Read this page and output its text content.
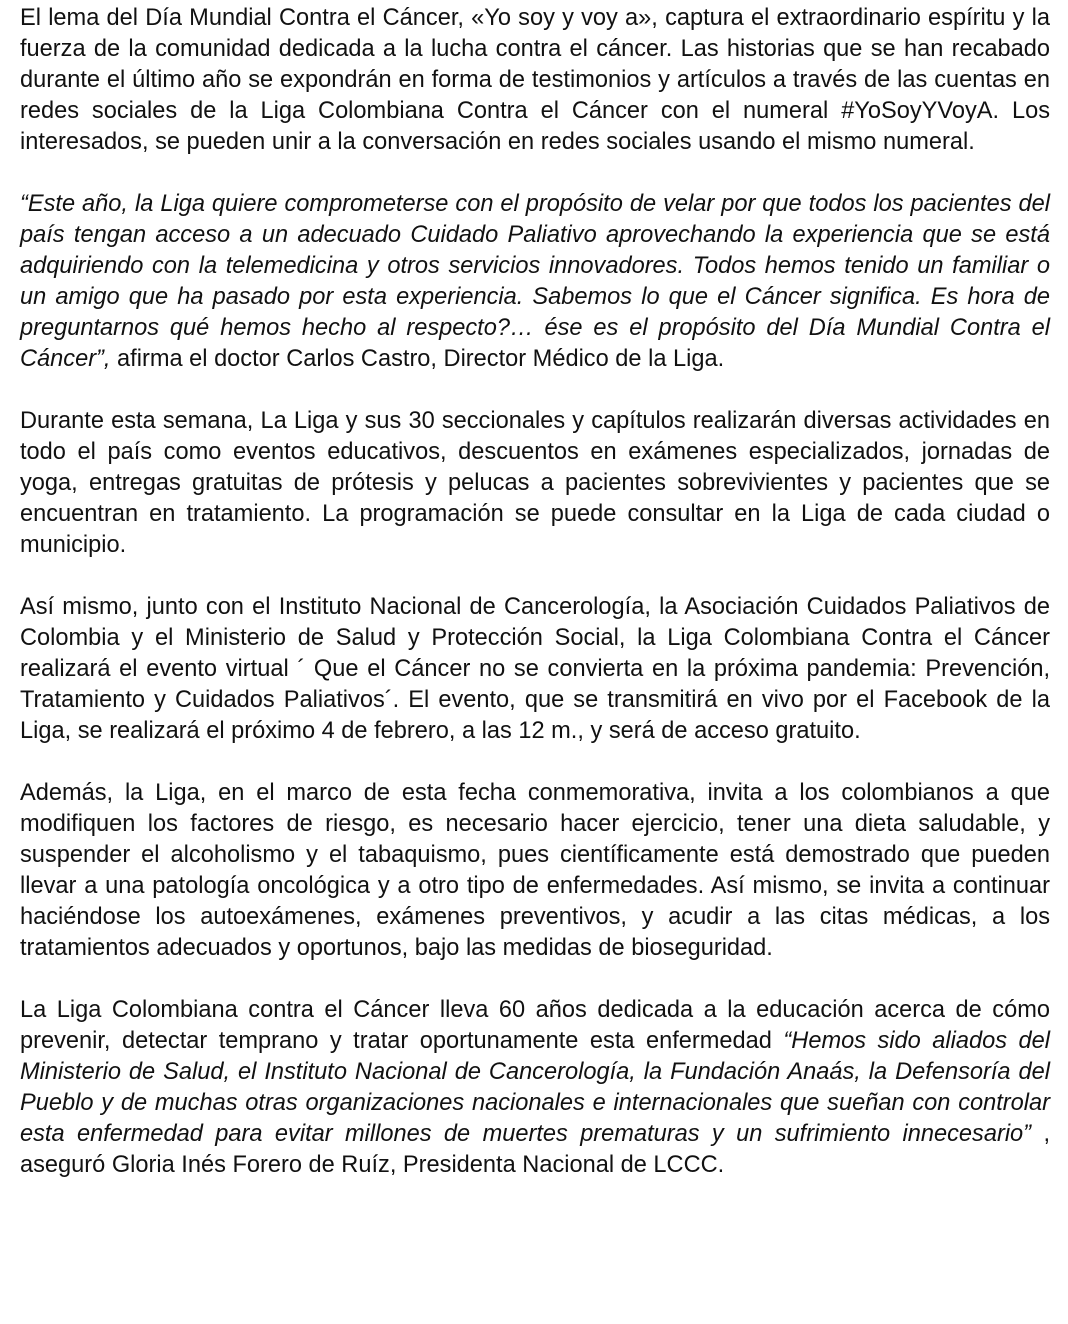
El lema del Día Mundial Contra el Cáncer, «Yo soy y voy a», captura el extraordinario espíritu y la fuerza de la comunidad dedicada a la lucha contra el cáncer. Las historias que se han recabado durante el último año se expondrán en forma de testimonios y artículos a través de las cuentas en redes sociales de la Liga Colombiana Contra el Cáncer con el numeral #YoSoyYVoyA. Los interesados, se pueden unir a la conversación en redes sociales usando el mismo numeral.

“Este año, la Liga quiere comprometerse con el propósito de velar por que todos los pacientes del país tengan acceso a un adecuado Cuidado Paliativo aprovechando la experiencia que se está adquiriendo con la telemedicina y otros servicios innovadores. Todos hemos tenido un familiar o un amigo que ha pasado por esta experiencia. Sabemos lo que el Cáncer significa. Es hora de preguntarnos qué hemos hecho al respecto?… ése es el propósito del Día Mundial Contra el Cáncer”, afirma el doctor Carlos Castro, Director Médico de la Liga.

Durante esta semana, La Liga y sus 30 seccionales y capítulos realizarán diversas actividades en todo el país como eventos educativos, descuentos en exámenes especializados, jornadas de yoga, entregas gratuitas de prótesis y pelucas a pacientes sobrevivientes y pacientes que se encuentran en tratamiento. La programación se puede consultar en la Liga de cada ciudad o municipio.

Así mismo, junto con el Instituto Nacional de Cancerología, la Asociación Cuidados Paliativos de Colombia y el Ministerio de Salud y Protección Social, la Liga Colombiana Contra el Cáncer realizará el evento virtual ´ Que el Cáncer no se convierta en la próxima pandemia: Prevención, Tratamiento y Cuidados Paliativos´. El evento, que se transmitirá en vivo por el Facebook de la Liga, se realizará el próximo 4 de febrero, a las 12 m., y será de acceso gratuito.

Además, la Liga, en el marco de esta fecha conmemorativa, invita a los colombianos a que modifiquen los factores de riesgo, es necesario hacer ejercicio, tener una dieta saludable, y suspender el alcoholismo y el tabaquismo, pues científicamente está demostrado que pueden llevar a una patología oncológica y a otro tipo de enfermedades. Así mismo, se invita a continuar haciéndose los autoexámenes, exámenes preventivos, y acudir a las citas médicas, a los tratamientos adecuados y oportunos, bajo las medidas de bioseguridad.

La Liga Colombiana contra el Cáncer lleva 60 años dedicada a la educación acerca de cómo prevenir, detectar temprano y tratar oportunamente esta enfermedad “Hemos sido aliados del Ministerio de Salud, el Instituto Nacional de Cancerología, la Fundación Anaás, la Defensoría del Pueblo y de muchas otras organizaciones nacionales e internacionales que sueñan con controlar esta enfermedad para evitar millones de muertes prematuras y un sufrimiento innecesario” , aseguró Gloria Inés Forero de Ruíz, Presidenta Nacional de LCCC.
